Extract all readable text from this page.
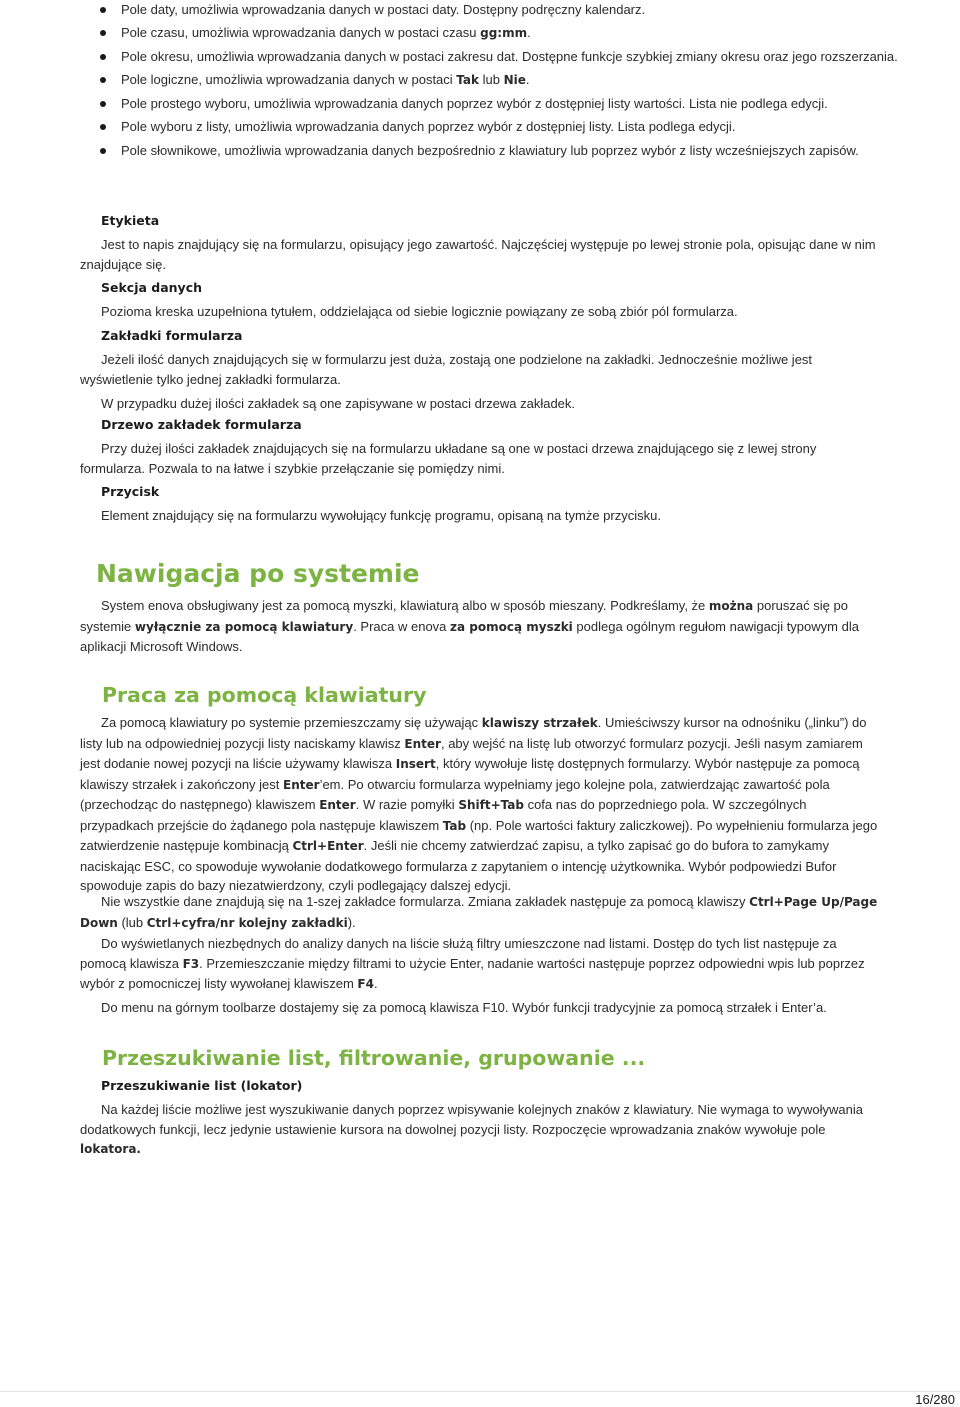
Pole daty, umożliwia wprowadzania danych w postaci daty. Dostępny podręczny kalendarz.
Pole czasu, umożliwia wprowadzania danych w postaci czasu gg:mm.
Pole okresu, umożliwia wprowadzania danych w postaci zakresu dat. Dostępne funkcje szybkiej zmiany okresu oraz jego rozszerzania.
Pole logiczne, umożliwia wprowadzania danych w postaci Tak lub Nie.
Pole prostego wyboru, umożliwia wprowadzania danych poprzez wybór z dostępniej listy wartości. Lista nie podlega edycji.
Pole wyboru z listy, umożliwia wprowadzania danych poprzez wybór z dostępniej listy. Lista podlega edycji.
Pole słownikowe, umożliwia wprowadzania danych bezpośrednio z klawiatury lub poprzez wybór z listy wcześniejszych zapisów.
Etykieta

Jest to napis znajdujący się na formularzu, opisujący jego zawartość. Najczęściej występuje po lewej stronie pola, opisując dane w nim znajdujące się.

Sekcja danych

Pozioma kreska uzupełniona tytułem, oddzielająca od siebie logicznie powiązany ze sobą zbiór pól formularza.

Zakładki formularza

Jeżeli ilość danych znajdujących się w formularzu jest duża, zostają one podzielone na zakładki. Jednocześnie możliwe jest wyświetlenie tylko jednej zakładki formularza.

W przypadku dużej ilości zakładek są one zapisywane w postaci drzewa zakładek.

Drzewo zakładek formularza

Przy dużej ilości zakładek znajdujących się na formularzu układane są one w postaci drzewa znajdującego się z lewej strony formularza. Pozwala to na łatwe i szybkie przełączanie się pomiędzy nimi.

Przycisk

Element znajdujący się na formularzu wywołujący funkcję programu, opisaną na tymże przycisku.

Nawigacja po systemie

System enova obsługiwany jest za pomocą myszki, klawiaturą albo w sposób mieszany. Podkreślamy, że można poruszać się po systemie wyłącznie za pomocą klawiatury. Praca w enova za pomocą myszki podlega ogólnym regułom nawigacji typowym dla aplikacji Microsoft Windows.

Praca za pomocą klawiatury

Za pomocą klawiatury po systemie przemieszczamy się używając klawiszy strzałek. Umieściwszy kursor na odnośniku („linku”) do listy lub na odpowiedniej pozycji listy naciskamy klawisz Enter, aby wejść na listę lub otworzyć formularz pozycji. Jeśli nasym zamiarem jest dodanie nowej pozycji na liście używamy klawisza Insert, który wywołuje listę dostępnych formularzy. Wybór następuje za pomocą klawiszy strzałek i zakończony jest Enter’em. Po otwarciu formularza wypełniamy jego kolejne pola, zatwierdzając zawartość pola (przechodząc do następnego) klawiszem Enter. W razie pomyłki Shift+Tab cofa nas do poprzedniego pola. W szczególnych przypadkach przejście do żądanego pola następuje klawiszem Tab (np. Pole wartości faktury zaliczkowej). Po wypełnieniu formularza jego zatwierdzenie następuje kombinacją Ctrl+Enter. Jeśli nie chcemy zatwierdzać zapisu, a tylko zapisać go do bufora to zamykamy naciskając ESC, co spowoduje wywołanie dodatkowego formularza z zapytaniem o intencję użytkownika. Wybór podpowiedzi Bufor spowoduje zapis do bazy niezatwierdzony, czyli podlegający dalszej edycji.

Nie wszystkie dane znajdują się na 1-szej zakładce formularza. Zmiana zakładek następuje za pomocą klawiszy Ctrl+Page Up/Page Down (lub Ctrl+cyfra/nr kolejny zakładki).

Do wyświetlanych niezbędnych do analizy danych na liście służą filtry umieszczone nad listami. Dostęp do tych list następuje za pomocą klawisza F3. Przemieszczanie między filtrami to użycie Enter, nadanie wartości następuje poprzez odpowiedni wpis lub poprzez wybór z pomocniczej listy wywołanej klawiszem F4.

Do menu na górnym toolbarze dostajemy się za pomocą klawisza F10. Wybór funkcji tradycyjnie za pomocą strzałek i Enter’a.

Przeszukiwanie list, filtrowanie, grupowanie ...
Przeszukiwanie list (lokator)

Na każdej liście możliwe jest wyszukiwanie danych poprzez wpisywanie kolejnych znaków z klawiatury. Nie wymaga to wywoływania dodatkowych funkcji, lecz jedynie ustawienie kursora na dowolnej pozycji listy. Rozpoczęcie wprowadzania znaków wywołuje pole lokatora.

16/280
